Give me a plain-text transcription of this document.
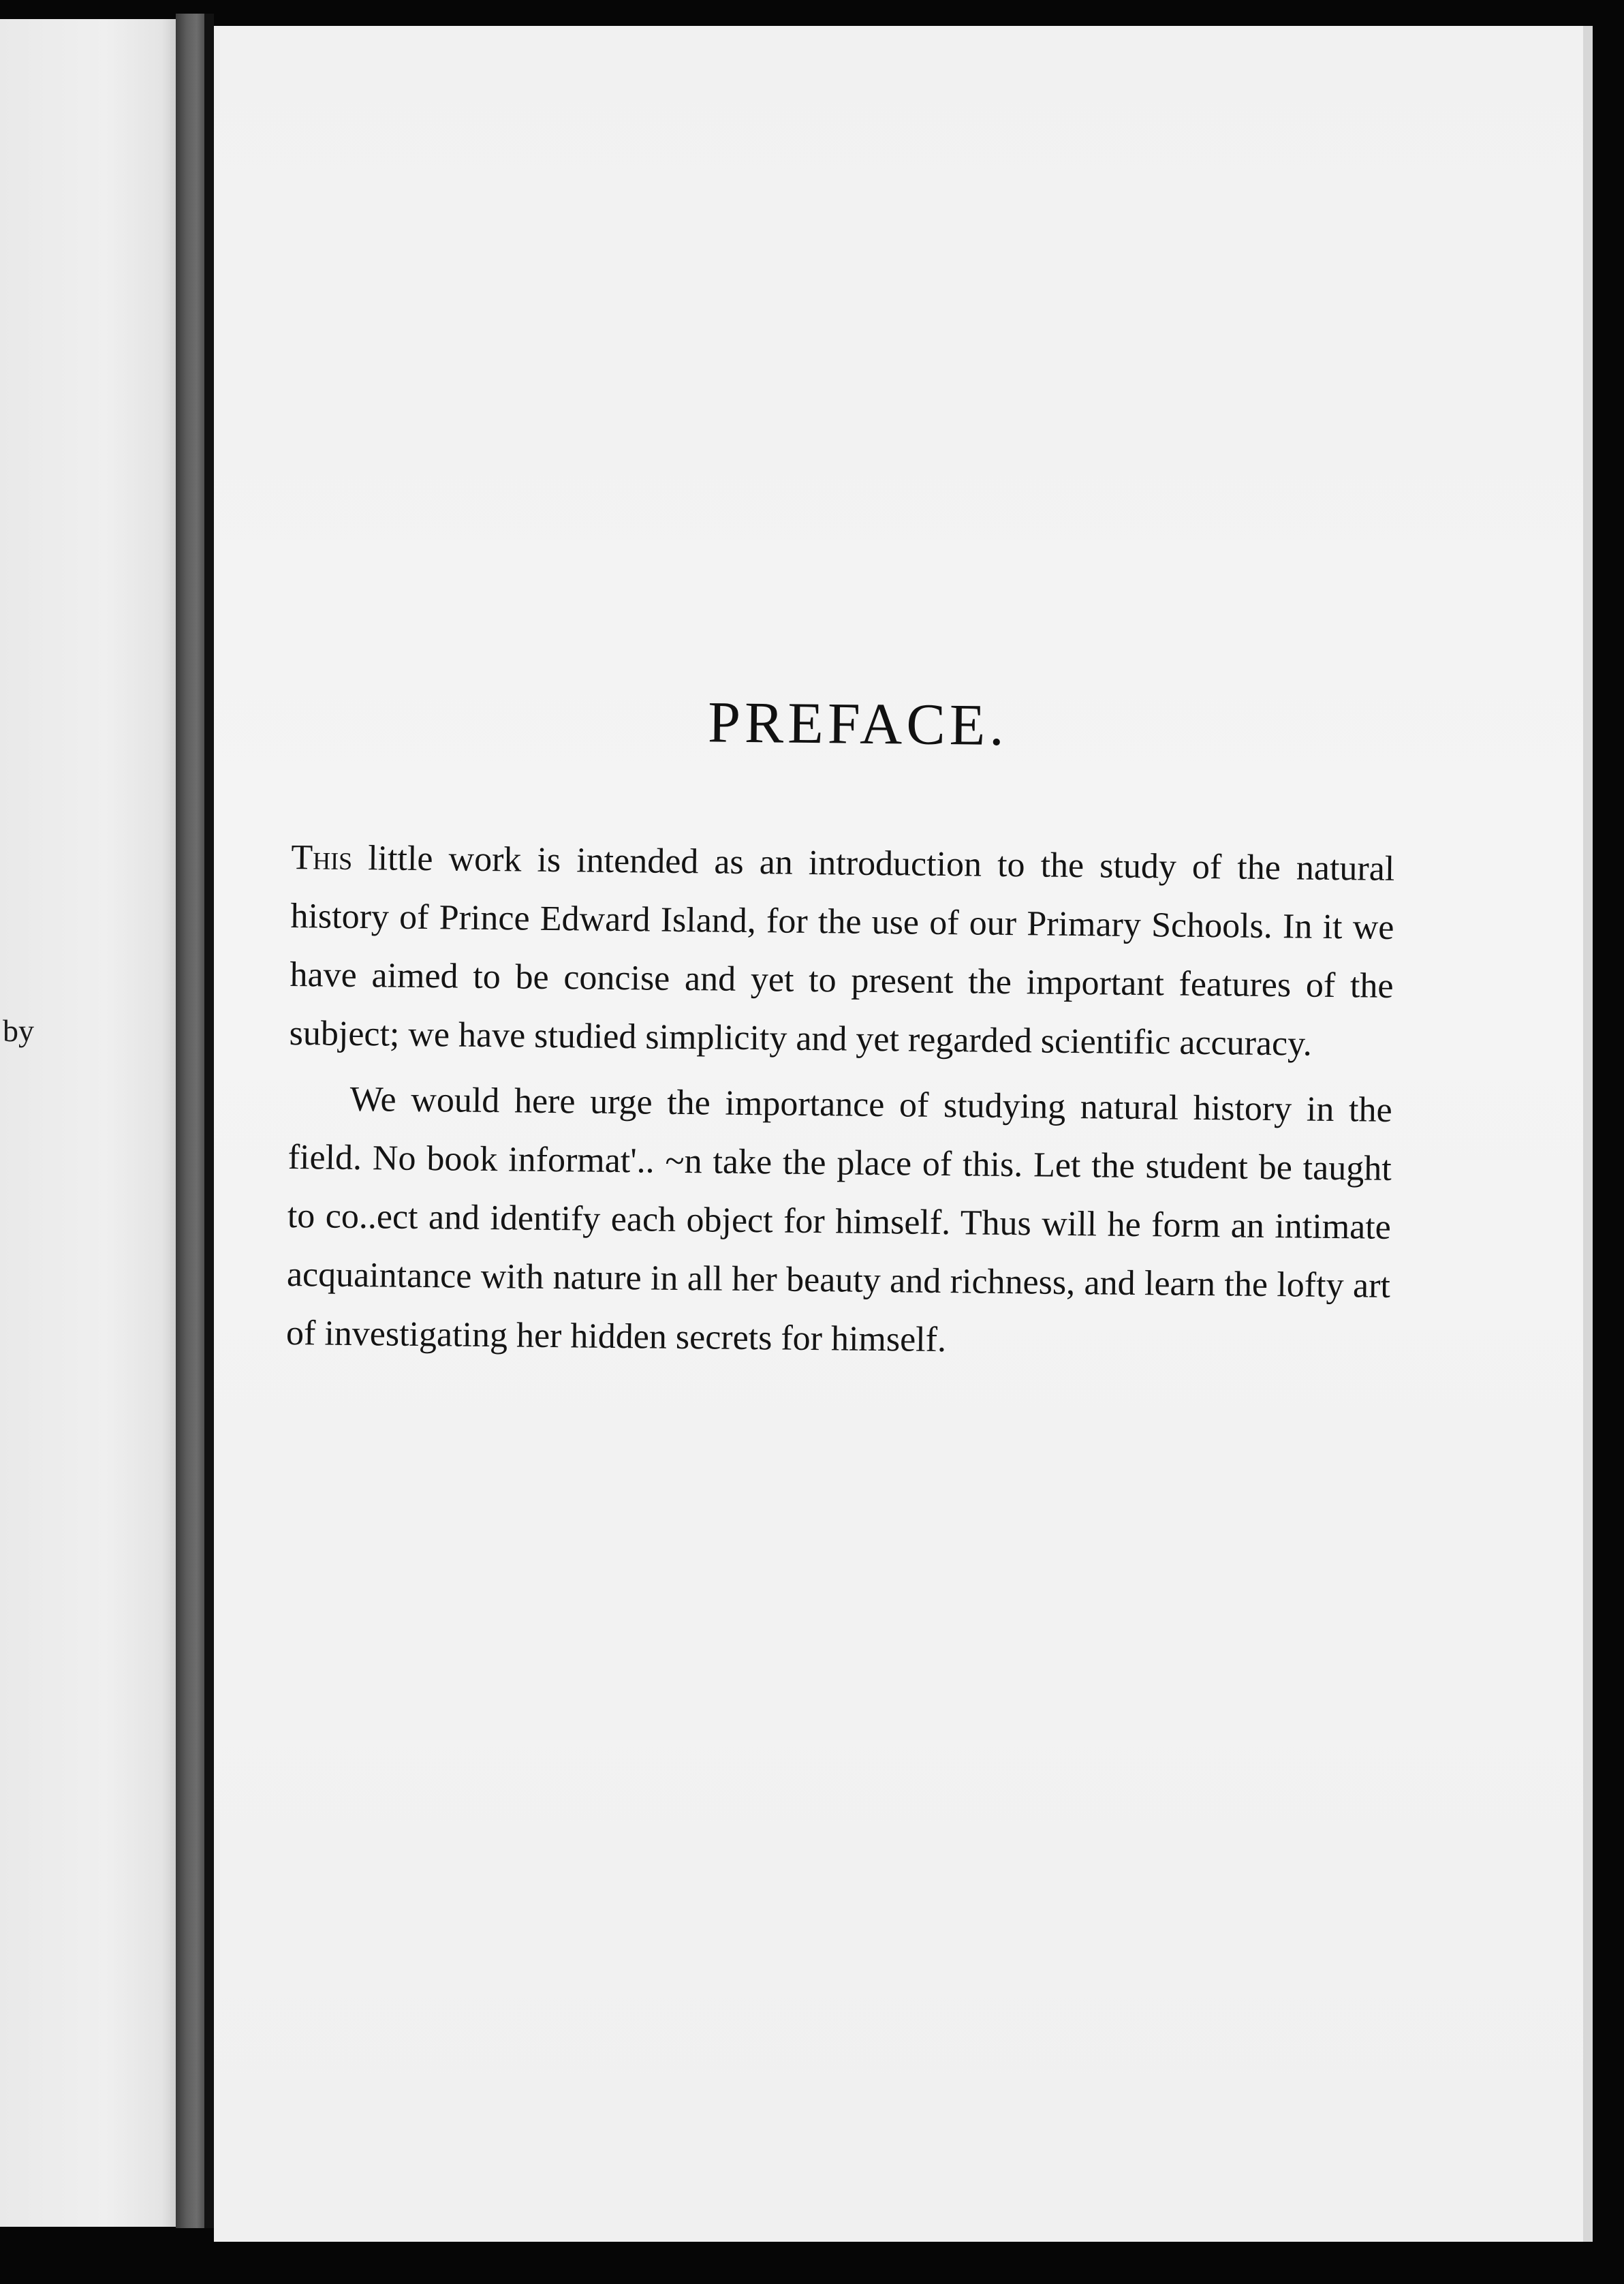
by

PREFACE.

This little work is intended as an introduction to the study of the natural history of Prince Edward Island, for the use of our Primary Schools. In it we have aimed to be concise and yet to present the important features of the subject; we have studied simplicity and yet regarded scientific accuracy.

We would here urge the importance of studying natural history in the field. No book informat'.. ~n take the place of this. Let the student be taught to co..ect and identify each object for himself. Thus will he form an intimate acquaintance with nature in all her beauty and richness, and learn the lofty art of investigating her hidden secrets for himself.
